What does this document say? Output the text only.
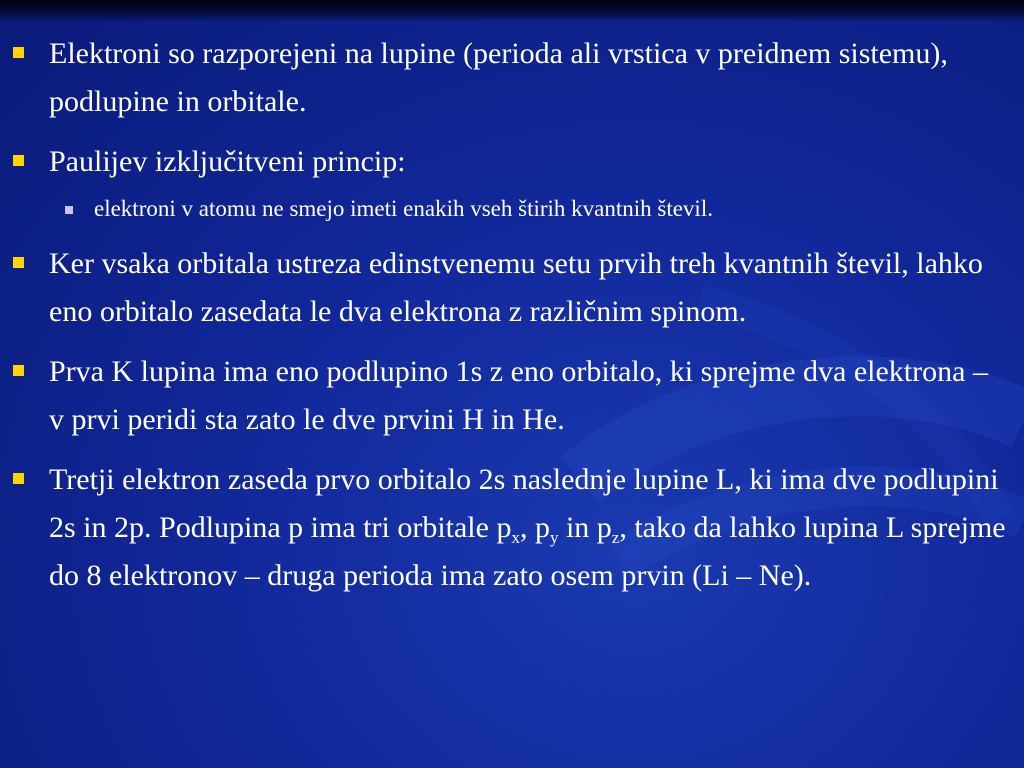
Elektroni so razporejeni na lupine (perioda ali vrstica v preidnem sistemu), podlupine in orbitale.
Paulijev izključitveni princip:
elektroni v atomu ne smejo imeti enakih vseh štirih kvantnih števil.
Ker vsaka orbitala ustreza edinstvenemu setu prvih treh kvantnih števil, lahko eno orbitalo zasedata le dva elektrona z različnim spinom.
Prva K lupina ima eno podlupino 1s z eno orbitalo, ki sprejme dva elektrona – v prvi peridi sta zato le dve prvini H in He.
Tretji elektron zaseda prvo orbitalo 2s naslednje lupine L, ki ima dve podlupini 2s in 2p. Podlupina p ima tri orbitale $p_x$, $p_y$ in $p_z$, tako da lahko lupina L sprejme do 8 elektronov – druga perioda ima zato osem prvin (Li – Ne).
